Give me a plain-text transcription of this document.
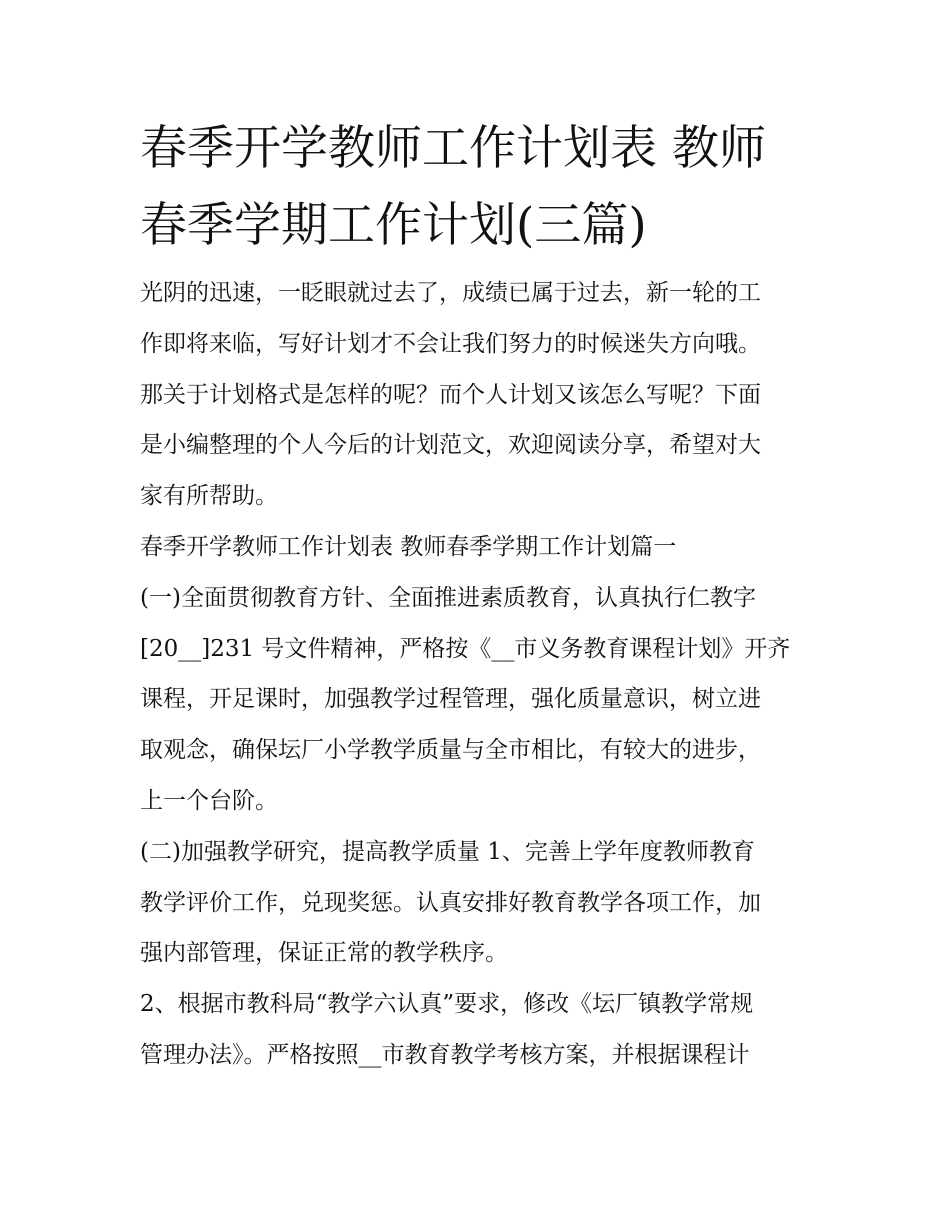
春季开学教师工作计划表 教师
春季学期工作计划(三篇)
光阴的迅速，一眨眼就过去了，成绩已属于过去，新一轮的工
作即将来临，写好计划才不会让我们努力的时候迷失方向哦。
那关于计划格式是怎样的呢？而个人计划又该怎么写呢？下面
是小编整理的个人今后的计划范文，欢迎阅读分享，希望对大
家有所帮助。
春季开学教师工作计划表 教师春季学期工作计划篇一
(一)全面贯彻教育方针、全面推进素质教育，认真执行仁教字
[20__]231 号文件精神，严格按《__市义务教育课程计划》开齐
课程，开足课时，加强教学过程管理，强化质量意识，树立进
取观念，确保坛厂小学教学质量与全市相比，有较大的进步，
上一个台阶。
(二)加强教学研究，提高教学质量 1、完善上学年度教师教育
教学评价工作，兑现奖惩。认真安排好教育教学各项工作，加
强内部管理，保证正常的教学秩序。
2、根据市教科局“教学六认真”要求，修改《坛厂镇教学常规
管理办法》。严格按照__市教育教学考核方案，并根据课程计
